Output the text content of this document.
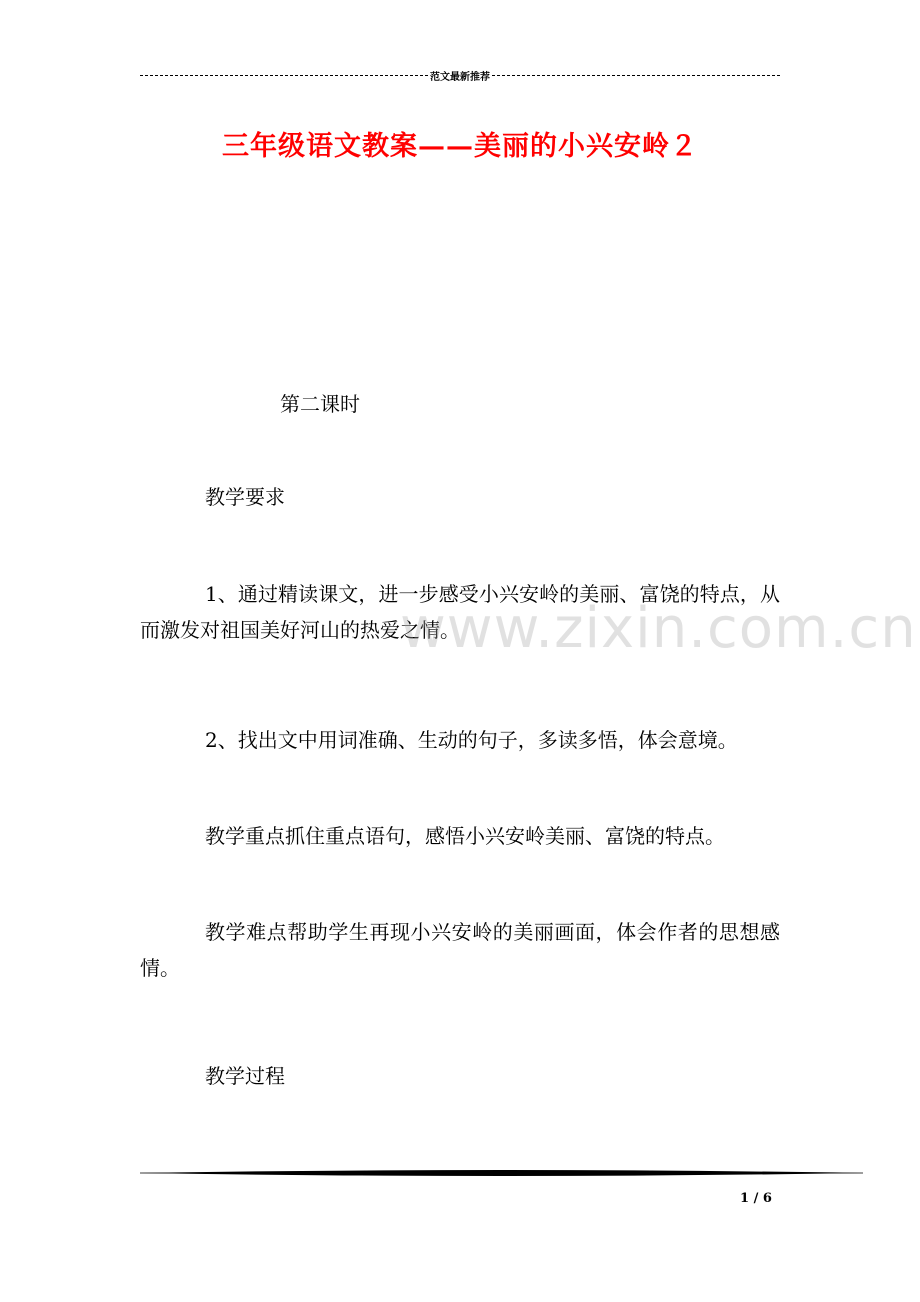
范文最新推荐
三年级语文教案——美丽的小兴安岭２

第二课时

教学要求

1、通过精读课文，进一步感受小兴安岭的美丽、富饶的特点，从而激发对祖国美好河山的热爱之情。

2、找出文中用词准确、生动的句子，多读多悟，体会意境。

教学重点抓住重点语句，感悟小兴安岭美丽、富饶的特点。

教学难点帮助学生再现小兴安岭的美丽画面，体会作者的思想感情。

教学过程

www.zixin.com.cn
1 / 6
